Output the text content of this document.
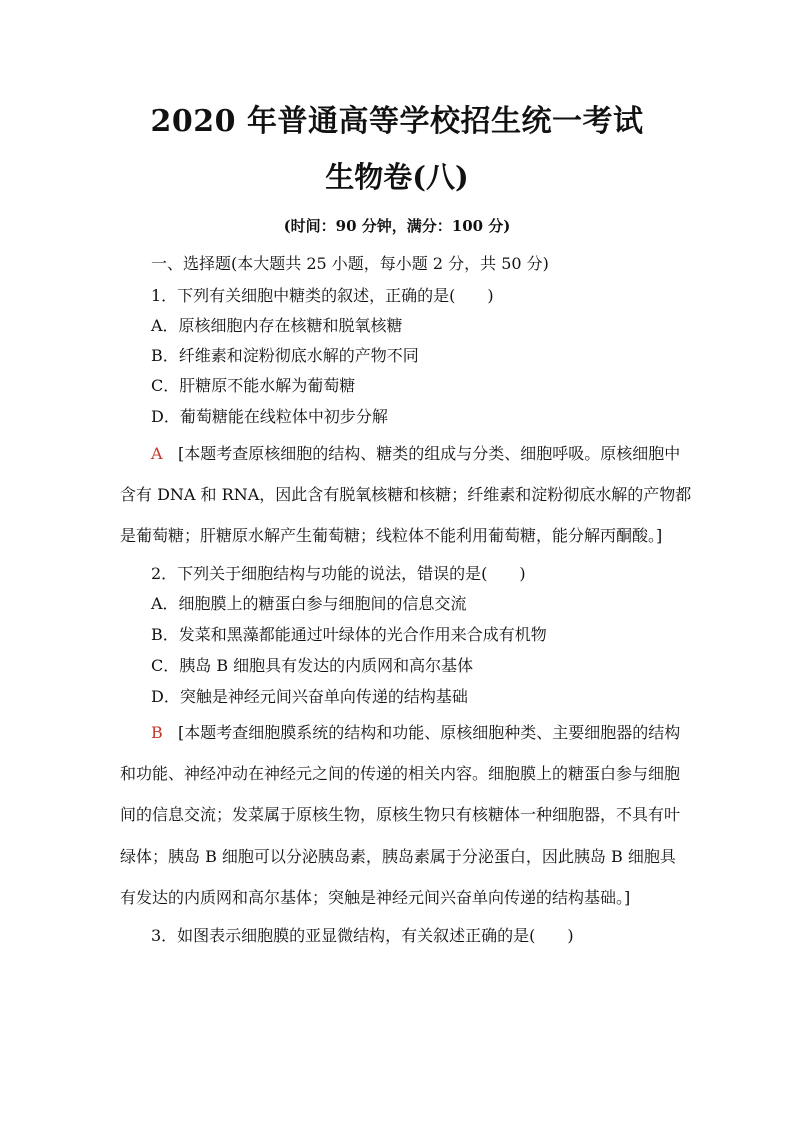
2020 年普通高等学校招生统一考试
生物卷(八)
(时间：90 分钟，满分：100 分)
一、选择题(本大题共 25 小题，每小题 2 分，共 50 分)
1．下列有关细胞中糖类的叙述，正确的是(　　)
A．原核细胞内存在核糖和脱氧核糖
B．纤维素和淀粉彻底水解的产物不同
C．肝糖原不能水解为葡萄糖
D．葡萄糖能在线粒体中初步分解
A [本题考查原核细胞的结构、糖类的组成与分类、细胞呼吸。原核细胞中
含有 DNA 和 RNA，因此含有脱氧核糖和核糖；纤维素和淀粉彻底水解的产物都
是葡萄糖；肝糖原水解产生葡萄糖；线粒体不能利用葡萄糖，能分解丙酮酸。]
2．下列关于细胞结构与功能的说法，错误的是(　　)
A．细胞膜上的糖蛋白参与细胞间的信息交流
B．发菜和黑藻都能通过叶绿体的光合作用来合成有机物
C．胰岛 B 细胞具有发达的内质网和高尔基体
D．突触是神经元间兴奋单向传递的结构基础
B [本题考查细胞膜系统的结构和功能、原核细胞种类、主要细胞器的结构
和功能、神经冲动在神经元之间的传递的相关内容。细胞膜上的糖蛋白参与细胞
间的信息交流；发菜属于原核生物，原核生物只有核糖体一种细胞器，不具有叶
绿体；胰岛 B 细胞可以分泌胰岛素，胰岛素属于分泌蛋白，因此胰岛 B 细胞具
有发达的内质网和高尔基体；突触是神经元间兴奋单向传递的结构基础。]
3．如图表示细胞膜的亚显微结构，有关叙述正确的是(　　)
